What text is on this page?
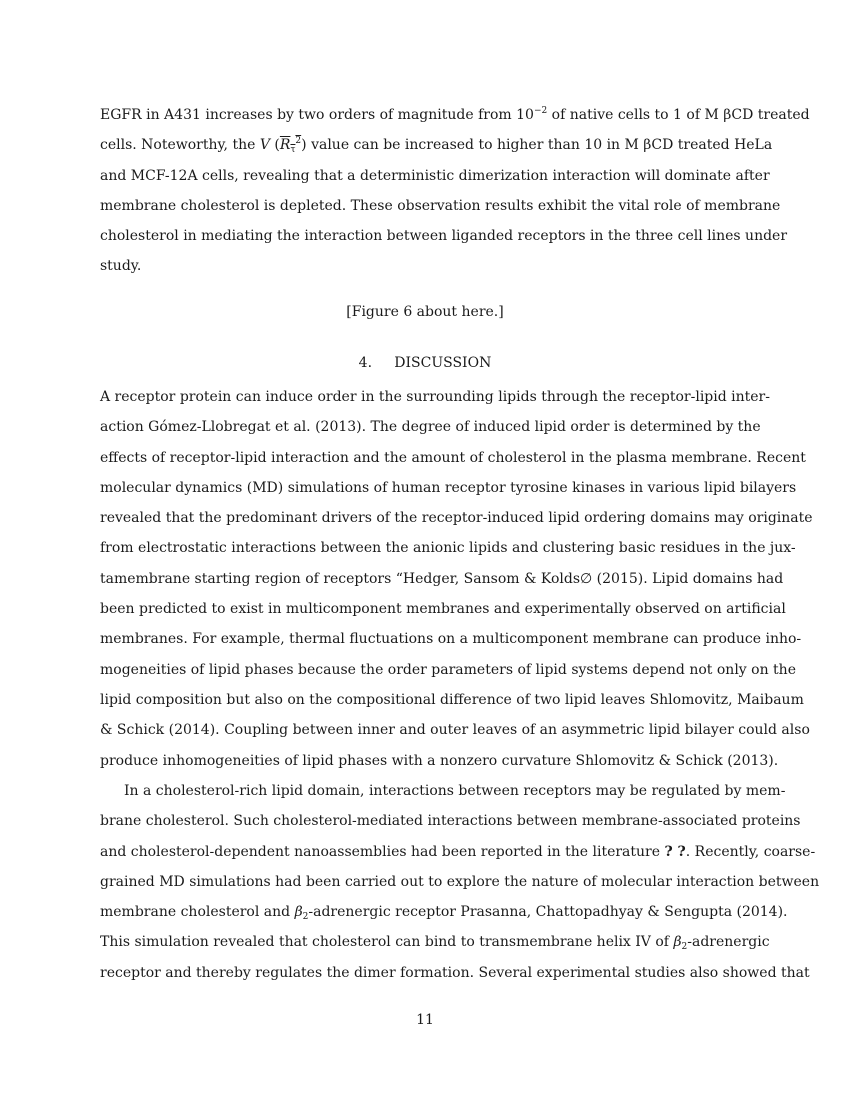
EGFR in A431 increases by two orders of magnitude from $10^{-2}$ of native cells to 1 of M βCD treated
cells. Noteworthy, the V $(R_\tau^2)$ value can be increased to higher than 10 in M βCD treated HeLa
and MCF-12A cells, revealing that a deterministic dimerization interaction will dominate after
membrane cholesterol is depleted. These observation results exhibit the vital role of membrane
cholesterol in mediating the interaction between liganded receptors in the three cell lines under
study.
[Figure 6 about here.]
4.     DISCUSSION
A receptor protein can induce order in the surrounding lipids through the receptor-lipid inter-
action Gómez-Llobregat et al. (2013). The degree of induced lipid order is determined by the
effects of receptor-lipid interaction and the amount of cholesterol in the plasma membrane. Recent
molecular dynamics (MD) simulations of human receptor tyrosine kinases in various lipid bilayers
revealed that the predominant drivers of the receptor-induced lipid ordering domains may originate
from electrostatic interactions between the anionic lipids and clustering basic residues in the jux-
tamembrane starting region of receptors “Hedger, Sansom & Kolds∅ (2015). Lipid domains had
been predicted to exist in multicomponent membranes and experimentally observed on artificial
membranes. For example, thermal fluctuations on a multicomponent membrane can produce inho-
mogeneities of lipid phases because the order parameters of lipid systems depend not only on the
lipid composition but also on the compositional difference of two lipid leaves Shlomovitz, Maibaum
& Schick (2014). Coupling between inner and outer leaves of an asymmetric lipid bilayer could also
produce inhomogeneities of lipid phases with a nonzero curvature Shlomovitz & Schick (2013).
In a cholesterol-rich lipid domain, interactions between receptors may be regulated by mem-
brane cholesterol. Such cholesterol-mediated interactions between membrane-associated proteins
and cholesterol-dependent nanoassemblies had been reported in the literature ? ?. Recently, coarse-
grained MD simulations had been carried out to explore the nature of molecular interaction between
membrane cholesterol and $\beta_2$-adrenergic receptor Prasanna, Chattopadhyay & Sengupta (2014).
This simulation revealed that cholesterol can bind to transmembrane helix IV of $\beta_2$-adrenergic
receptor and thereby regulates the dimer formation. Several experimental studies also showed that
11
